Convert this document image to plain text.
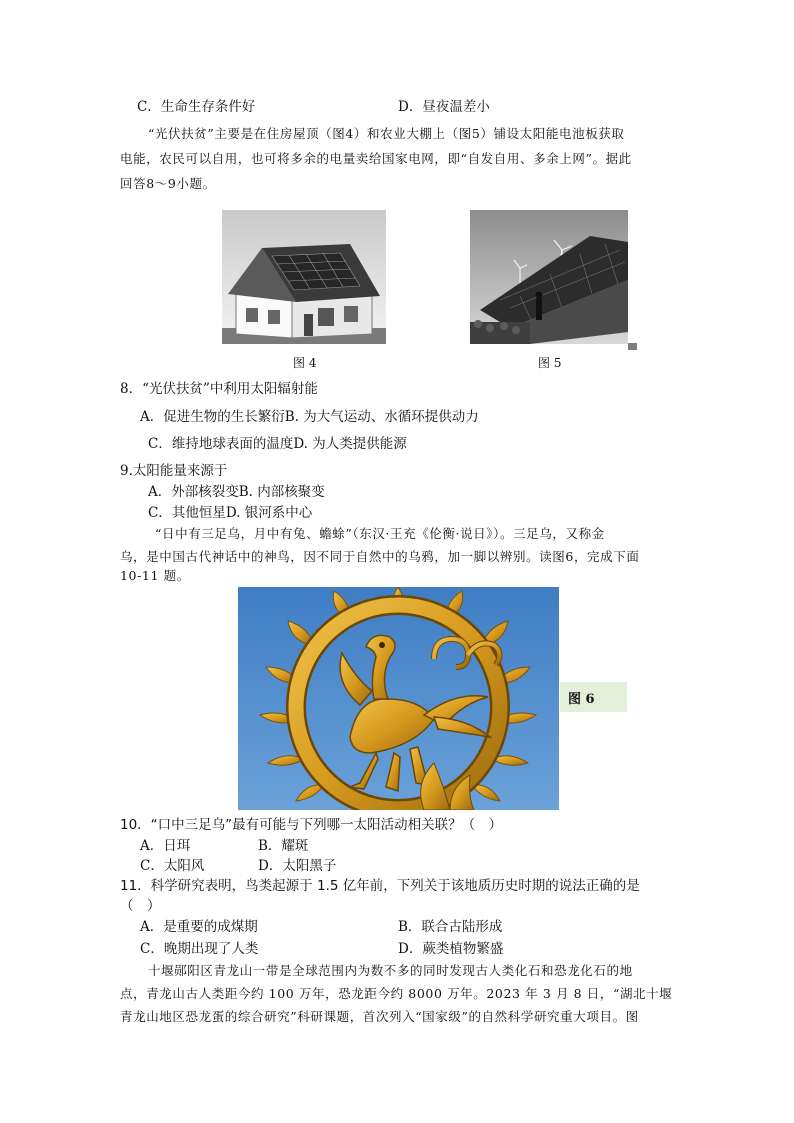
C．生命生存条件好	D．昼夜温差小
“光伏扶贫”主要是在住房屋顶（图4）和农业大棚上（图5）铺设太阳能电池板获取
电能，农民可以自用，也可将多余的电量卖给国家电网，即“自发自用、多余上网”。据此
回答8～9小题。
图 4	图 5
8．“光伏扶贫”中利用太阳辐射能
A．促进生物的生长繁衍B. 为大气运动、水循环提供动力
C．维持地球表面的温度D. 为人类提供能源
9.太阳能量来源于
A．外部核裂变B. 内部核聚变
C．其他恒星D. 银河系中心
“日中有三足乌，月中有兔、蟾蜍”（东汉·王充《伦衡·说日》）。三足乌，又称金
乌，是中国古代神话中的神鸟，因不同于自然中的乌鸦，加一脚以辨别。读图6，完成下面
10-11 题。
图 6
10．“口中三足乌”最有可能与下列哪一太阳活动相关联？（　）
A．日珥	B．耀斑
C．太阳风	D．太阳黑子
11．科学研究表明，鸟类起源于 1.5 亿年前，下列关于该地质历史时期的说法正确的是
（　）
A．是重要的成煤期	B．联合古陆形成
C．晚期出现了人类	D．蕨类植物繁盛
十堰郧阳区青龙山一带是全球范围内为数不多的同时发现古人类化石和恐龙化石的地
点，青龙山古人类距今约 100 万年，恐龙距今约 8000 万年。2023 年 3 月 8 日，“湖北十堰
青龙山地区恐龙蛋的综合研究”科研课题，首次列入“国家级”的自然科学研究重大项目。图
